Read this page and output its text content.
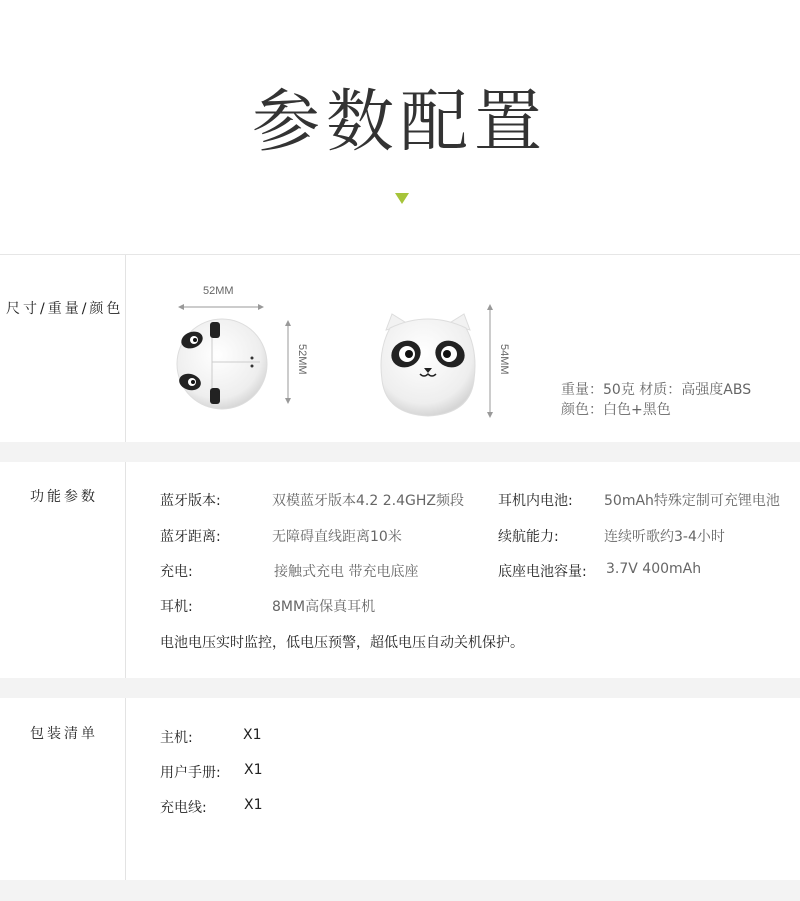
参数配置
尺寸/重量/颜色
52MM
52MM	54MM
重量：50克 材质：高强度ABS
颜色：白色+黑色
功能参数	蓝牙版本:	双模蓝牙版本4.2 2.4GHZ频段 耳机内电池: 50mAh特殊定制可充锂电池
蓝牙距离:	无障碍直线距离10米	续航能力:	连续听歌约3-4小时
充电:	接触式充电 带充电底座	底座电池容量: 3.7V 400mAh
耳机:	8MM高保真耳机
电池电压实时监控，低电压预警，超低电压自动关机保护。
包装清单	主机:	X1
用户手册: X1
充电线:	X1
